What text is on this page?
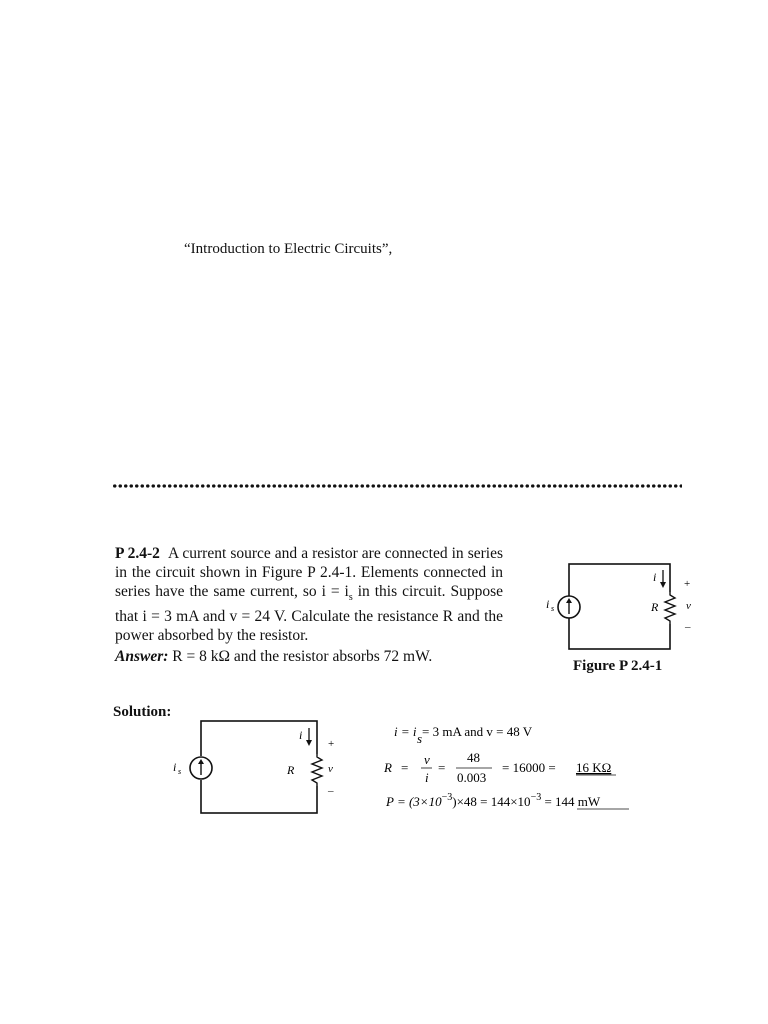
“Introduction to Electric Circuits”,
P 2.4-2 A current source and a resistor are connected in series in the circuit shown in Figure P 2.4-1. Elements connected in series have the same current, so $i = i_s$ in this circuit. Suppose that i = 3 mA and v = 24 V. Calculate the resistance R and the power absorbed by the resistor.
Answer: R = 8 kΩ and the resistor absorbs 72 mW.
i s
i
R
+
v
–
Figure P 2.4-1
Solution:
i s
i
R
+
v
–
i = i s = 3 mA and v = 48 V
R =
v
i
=
48
0.003
= 16000 = 16 KΩ
$P = (3\times 10^{-3})\times 48 = 144\times 10^{-3} = 144$ mW
